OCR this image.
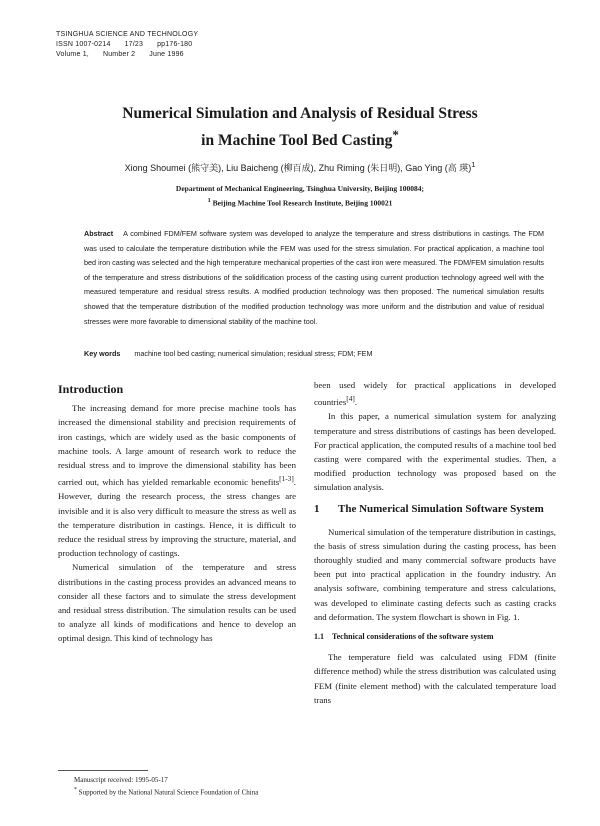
TSINGHUA SCIENCE AND TECHNOLOGY
ISSN 1007-0214 17/23 pp176-180
Volume 1, Number 2 June 1996
Numerical Simulation and Analysis of Residual Stress
in Machine Tool Bed Casting*
Xiong Shoumei (熊守美), Liu Baicheng (柳百成), Zhu Riming (朱日明), Gao Ying (高 瑛)$^1$
Department of Mechanical Engineering, Tsinghua University, Beijing 100084;
$^1$ Beijing Machine Tool Research Institute, Beijing 100021
Abstract A combined FDM/FEM software system was developed to analyze the temperature and stress distributions in castings. The FDM was used to calculate the temperature distribution while the FEM was used for the stress simulation. For practical application, a machine tool bed iron casting was selected and the high temperature mechanical properties of the cast iron were measured. The FDM/FEM simulation results of the temperature and stress distributions of the solidification process of the casting using current production technology agreed well with the measured temperature and residual stress results. A modified production technology was then proposed. The numerical simulation results showed that the temperature distribution of the modified production technology was more uniform and the distribution and value of residual stresses were more favorable to dimensional stability of the machine tool.
Key words machine tool bed casting; numerical simulation; residual stress; FDM; FEM
Introduction

The increasing demand for more precise machine tools has increased the dimensional stability and precision requirements of iron castings, which are widely used as the basic components of machine tools. A large amount of research work to reduce the residual stress and to improve the dimensional stability has been carried out, which has yielded remarkable economic benefits[1-3]. However, during the research process, the stress changes are invisible and it is also very difficult to measure the stress as well as the temperature distribution in castings. Hence, it is difficult to reduce the residual stress by improving the structure, material, and production technology of castings.

Numerical simulation of the temperature and stress distributions in the casting process provides an advanced means to consider all these factors and to simulate the stress development and residual stress distribution. The simulation results can be used to analyze all kinds of modifications and hence to develop an optimal design. This kind of technology has

been used widely for practical applications in developed countries[4].

In this paper, a numerical simulation system for analyzing temperature and stress distributions of castings has been developed. For practical application, the computed results of a machine tool bed casting were compared with the experimental studies. Then, a modified production technology was proposed based on the simulation analysis.

1	The Numerical Simulation Software System

Numerical simulation of the temperature distribution in castings, the basis of stress simulation during the casting process, has been thoroughly studied and many commercial software products have been put into practical application in the foundry industry. An analysis software, combining temperature and stress calculations, was developed to eliminate casting defects such as casting cracks and deformation. The system flowchart is shown in Fig. 1.

1.1 Technical considerations of the software system

The temperature field was calculated using FDM (finite difference method) while the stress distribution was calculated using FEM (finite element method) with the calculated temperature load trans

Manuscript received: 1995-05-17
* Supported by the National Natural Science Foundation of China
